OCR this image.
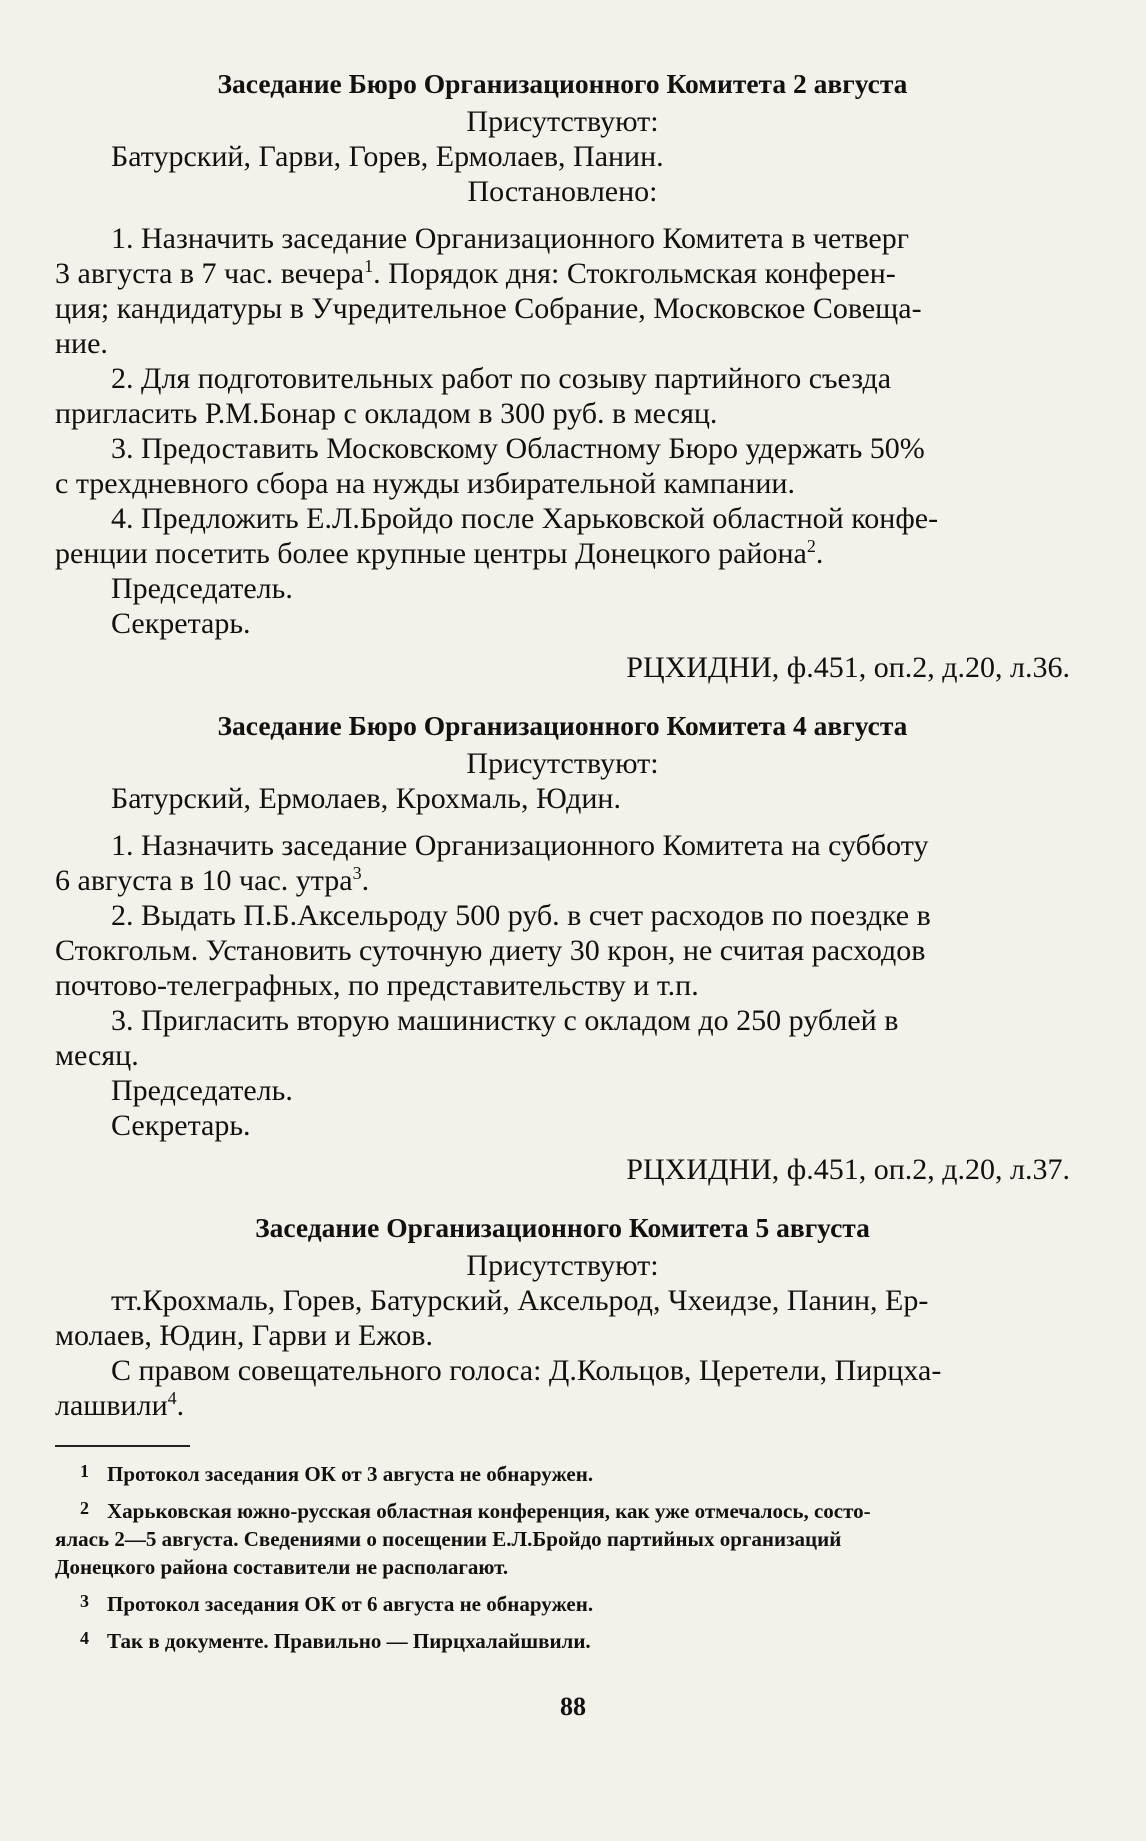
Заседание Бюро Организационного Комитета 2 августа

Присутствуют:

Батурский, Гарви, Горев, Ермолаев, Панин.

Постановлено:

1. Назначить заседание Организационного Комитета в четверг

3 августа в 7 час. вечера$^1$. Порядок дня: Стокгольмская конферен-

ция; кандидатуры в Учредительное Собрание, Московское Совеща-

ние.

2. Для подготовительных работ по созыву партийного съезда

пригласить Р.М.Бонар с окладом в 300 руб. в месяц.

3. Предоставить Московскому Областному Бюро удержать 50%

с трехдневного сбора на нужды избирательной кампании.

4. Предложить Е.Л.Бройдо после Харьковской областной конфе-

ренции посетить более крупные центры Донецкого района$^2$.

Председатель.

Секретарь.

РЦХИДНИ, ф.451, оп.2, д.20, л.36.

Заседание Бюро Организационного Комитета 4 августа

Присутствуют:

Батурский, Ермолаев, Крохмаль, Юдин.

1. Назначить заседание Организационного Комитета на субботу

6 августа в 10 час. утра$^3$.

2. Выдать П.Б.Аксельроду 500 руб. в счет расходов по поездке в

Стокгольм. Установить суточную диету 30 крон, не считая расходов

почтово-телеграфных, по представительству и т.п.

3. Пригласить вторую машинистку с окладом до 250 рублей в

месяц.

Председатель.

Секретарь.

РЦХИДНИ, ф.451, оп.2, д.20, л.37.

Заседание Организационного Комитета 5 августа

Присутствуют:

тт.Крохмаль, Горев, Батурский, Аксельрод, Чхеидзе, Панин, Ер-

молаев, Юдин, Гарви и Ежов.

С правом совещательного голоса: Д.Кольцов, Церетели, Пирцха-

лашвили$^4$.

1 Протокол заседания ОК от 3 августа не обнаружен.

2 Харьковская южно-русская областная конференция, как уже отмечалось, состо-
ялась 2—5 августа. Сведениями о посещении Е.Л.Бройдо партийных организаций
Донецкого района составители не располагают.

3 Протокол заседания ОК от 6 августа не обнаружен.

4 Так в документе. Правильно — Пирцхалайшвили.

88
